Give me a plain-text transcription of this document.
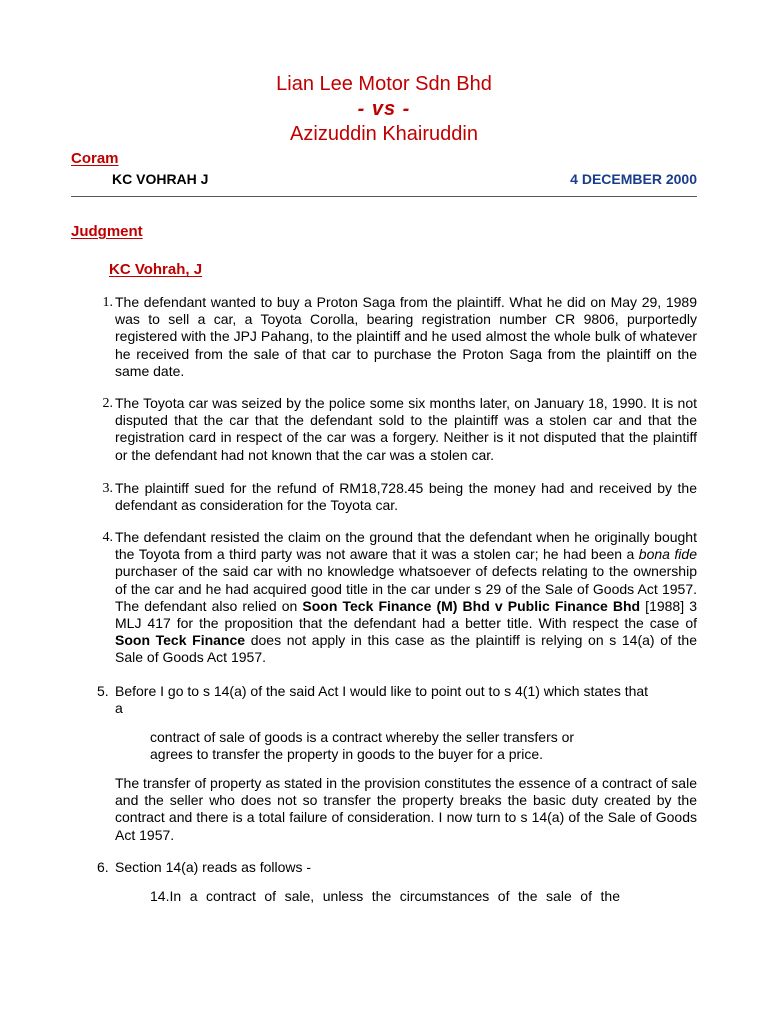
Lian Lee Motor Sdn Bhd
- vs -
Azizuddin Khairuddin
Coram
KC VOHRAH J	4 DECEMBER 2000
Judgment
KC Vohrah, J
1. The defendant wanted to buy a Proton Saga from the plaintiff. What he did on May 29, 1989 was to sell a car, a Toyota Corolla, bearing registration number CR 9806, purportedly registered with the JPJ Pahang, to the plaintiff and he used almost the whole bulk of whatever he received from the sale of that car to purchase the Proton Saga from the plaintiff on the same date.
2. The Toyota car was seized by the police some six months later, on January 18, 1990. It is not disputed that the car that the defendant sold to the plaintiff was a stolen car and that the registration card in respect of the car was a forgery. Neither is it not disputed that the plaintiff or the defendant had not known that the car was a stolen car.
3. The plaintiff sued for the refund of RM18,728.45 being the money had and received by the defendant as consideration for the Toyota car.
4. The defendant resisted the claim on the ground that the defendant when he originally bought the Toyota from a third party was not aware that it was a stolen car; he had been a bona fide purchaser of the said car with no knowledge whatsoever of defects relating to the ownership of the car and he had acquired good title in the car under s 29 of the Sale of Goods Act 1957. The defendant also relied on Soon Teck Finance (M) Bhd v Public Finance Bhd [1988] 3 MLJ 417 for the proposition that the defendant had a better title. With respect the case of Soon Teck Finance does not apply in this case as the plaintiff is relying on s 14(a) of the Sale of Goods Act 1957.
5. Before I go to s 14(a) of the said Act I would like to point out to s 4(1) which states that
a
contract of sale of goods is a contract whereby the seller transfers or
agrees to transfer the property in goods to the buyer for a price.
The transfer of property as stated in the provision constitutes the essence of a contract of sale and the seller who does not so transfer the property breaks the basic duty created by the contract and there is a total failure of consideration. I now turn to s 14(a) of the Sale of Goods Act 1957.
6. Section 14(a) reads as follows -
14.In a contract of sale, unless the circumstances of the sale of the
